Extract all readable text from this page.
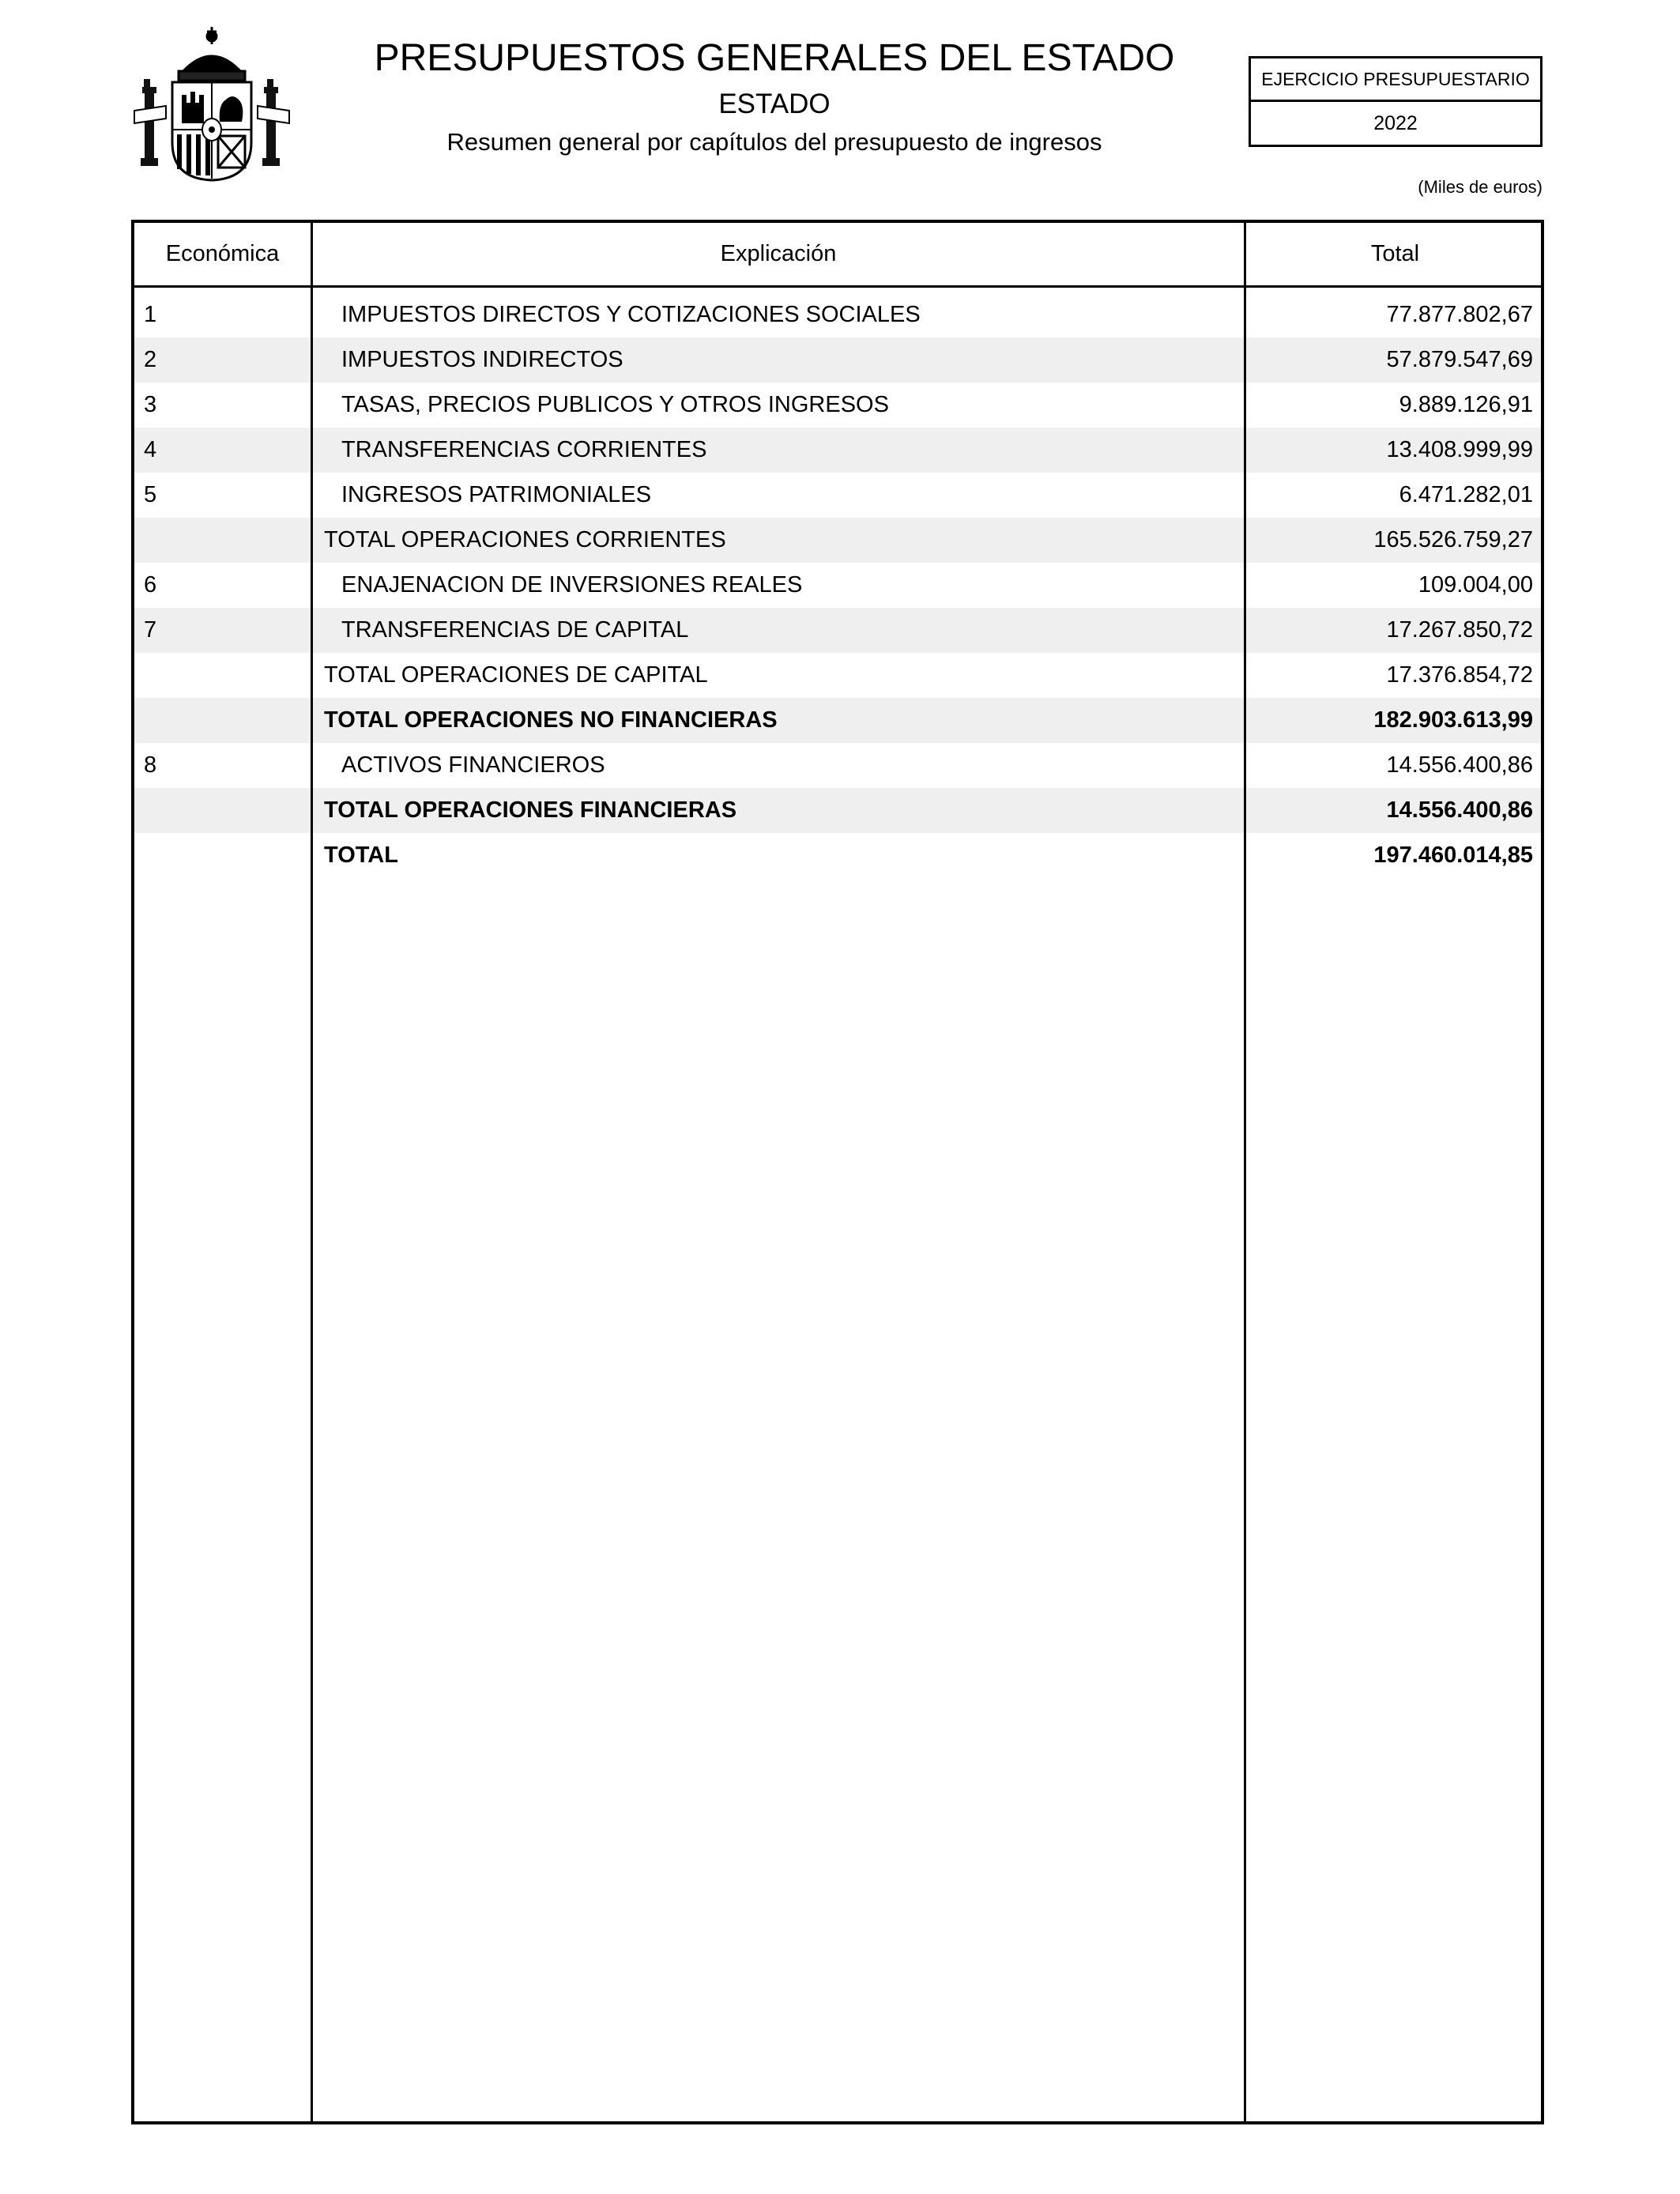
PRESUPUESTOS GENERALES DEL ESTADO
ESTADO
Resumen general por capítulos del presupuesto de ingresos
EJERCICIO PRESUPUESTARIO
2022
(Miles de euros)
Económica	Explicación	Total
1	IMPUESTOS DIRECTOS Y COTIZACIONES SOCIALES	77.877.802,67
2	IMPUESTOS INDIRECTOS	57.879.547,69
3	TASAS, PRECIOS PUBLICOS Y OTROS INGRESOS	9.889.126,91
4	TRANSFERENCIAS CORRIENTES	13.408.999,99
5	INGRESOS PATRIMONIALES	6.471.282,01
TOTAL OPERACIONES CORRIENTES	165.526.759,27
6	ENAJENACION DE INVERSIONES REALES	109.004,00
7	TRANSFERENCIAS DE CAPITAL	17.267.850,72
TOTAL OPERACIONES DE CAPITAL	17.376.854,72
TOTAL OPERACIONES NO FINANCIERAS	182.903.613,99
8	ACTIVOS FINANCIEROS	14.556.400,86
TOTAL OPERACIONES FINANCIERAS	14.556.400,86
TOTAL	197.460.014,85
